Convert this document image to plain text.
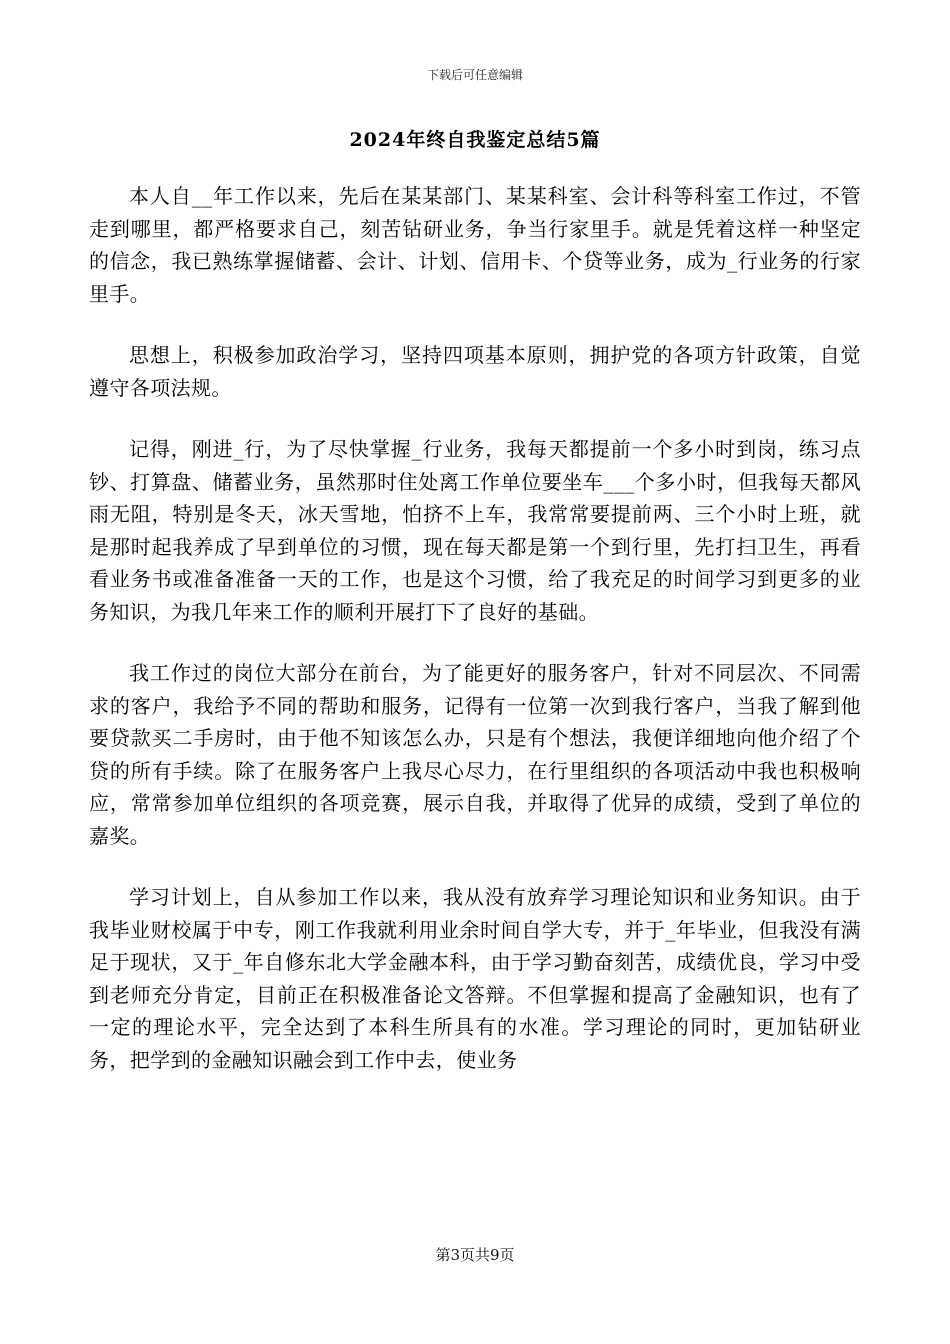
下载后可任意编辑
2024年终自我鉴定总结5篇

本人自__年工作以来，先后在某某部门、某某科室、会计科等科室工作过，不管走到哪里，都严格要求自己，刻苦钻研业务，争当行家里手。就是凭着这样一种坚定的信念，我已熟练掌握储蓄、会计、计划、信用卡、个贷等业务，成为_行业务的行家里手。

思想上，积极参加政治学习，坚持四项基本原则，拥护党的各项方针政策，自觉遵守各项法规。

记得，刚进_行，为了尽快掌握_行业务，我每天都提前一个多小时到岗，练习点钞、打算盘、储蓄业务，虽然那时住处离工作单位要坐车___个多小时，但我每天都风雨无阻，特别是冬天，冰天雪地，怕挤不上车，我常常要提前两、三个小时上班，就是那时起我养成了早到单位的习惯，现在每天都是第一个到行里，先打扫卫生，再看看业务书或准备准备一天的工作，也是这个习惯，给了我充足的时间学习到更多的业务知识，为我几年来工作的顺利开展打下了良好的基础。

我工作过的岗位大部分在前台，为了能更好的服务客户，针对不同层次、不同需求的客户，我给予不同的帮助和服务，记得有一位第一次到我行客户，当我了解到他要贷款买二手房时，由于他不知该怎么办，只是有个想法，我便详细地向他介绍了个贷的所有手续。除了在服务客户上我尽心尽力，在行里组织的各项活动中我也积极响应，常常参加单位组织的各项竞赛，展示自我，并取得了优异的成绩，受到了单位的嘉奖。

学习计划上，自从参加工作以来，我从没有放弃学习理论知识和业务知识。由于我毕业财校属于中专，刚工作我就利用业余时间自学大专，并于_年毕业，但我没有满足于现状，又于_年自修东北大学金融本科，由于学习勤奋刻苦，成绩优良，学习中受到老师充分肯定，目前正在积极准备论文答辩。不但掌握和提高了金融知识，也有了一定的理论水平，完全达到了本科生所具有的水准。学习理论的同时，更加钻研业务，把学到的金融知识融会到工作中去，使业务

第3页共9页
